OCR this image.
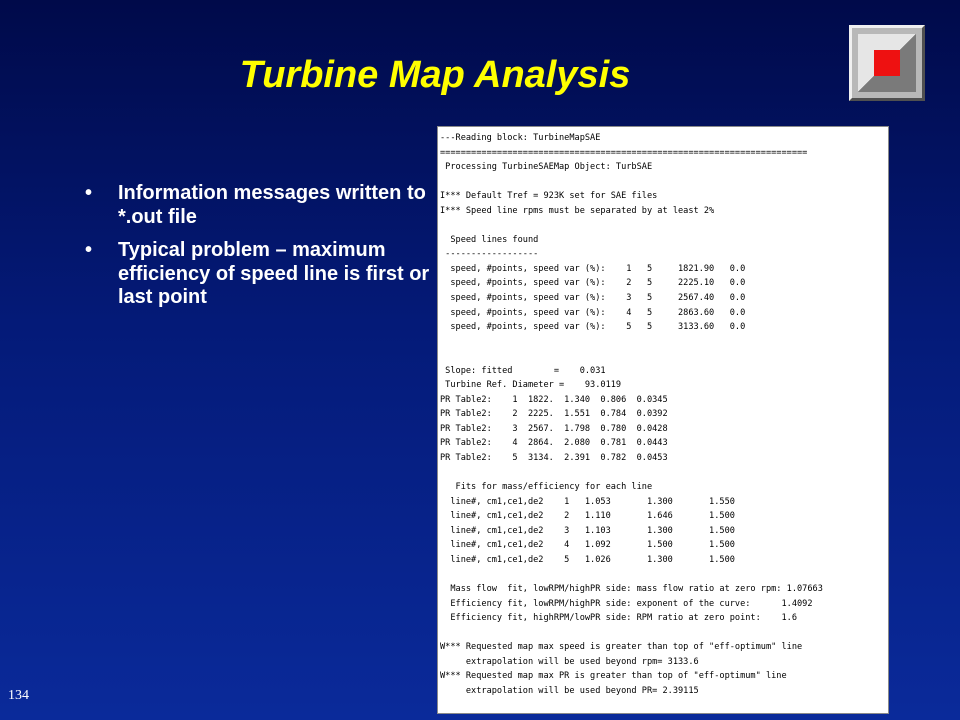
Turbine Map Analysis
• Information messages written to *.out file
• Typical problem – maximum efficiency of speed line is first or last point
---Reading block: TurbineMapSAE
=======================================================================
Processing TurbineSAEMap Object: TurbSAE
I*** Default Tref = 923K set for SAE files
I*** Speed line rpms must be separated by at least 2%
Speed lines found
------------------
speed, #points, speed var (%):    1   5     1821.90   0.0
speed, #points, speed var (%):    2   5     2225.10   0.0
speed, #points, speed var (%):    3   5     2567.40   0.0
speed, #points, speed var (%):    4   5     2863.60   0.0
speed, #points, speed var (%):    5   5     3133.60   0.0
Slope: fitted        =    0.031
Turbine Ref. Diameter =    93.0119
PR Table2:    1  1822.  1.340  0.806  0.0345
PR Table2:    2  2225.  1.551  0.784  0.0392
PR Table2:    3  2567.  1.798  0.780  0.0428
PR Table2:    4  2864.  2.080  0.781  0.0443
PR Table2:    5  3134.  2.391  0.782  0.0453
Fits for mass/efficiency for each line
line#, cm1,ce1,de2    1   1.053       1.300       1.550
line#, cm1,ce1,de2    2   1.110       1.646       1.500
line#, cm1,ce1,de2    3   1.103       1.300       1.500
line#, cm1,ce1,de2    4   1.092       1.500       1.500
line#, cm1,ce1,de2    5   1.026       1.300       1.500
Mass flow  fit, lowRPM/highPR side: mass flow ratio at zero rpm: 1.07663
Efficiency fit, lowRPM/highPR side: exponent of the curve:      1.4092
Efficiency fit, highRPM/lowPR side: RPM ratio at zero point:    1.6
W*** Requested map max speed is greater than top of "eff-optimum" line
extrapolation will be used beyond rpm= 3133.6
W*** Requested map max PR is greater than top of "eff-optimum" line
extrapolation will be used beyond PR= 2.39115
134
